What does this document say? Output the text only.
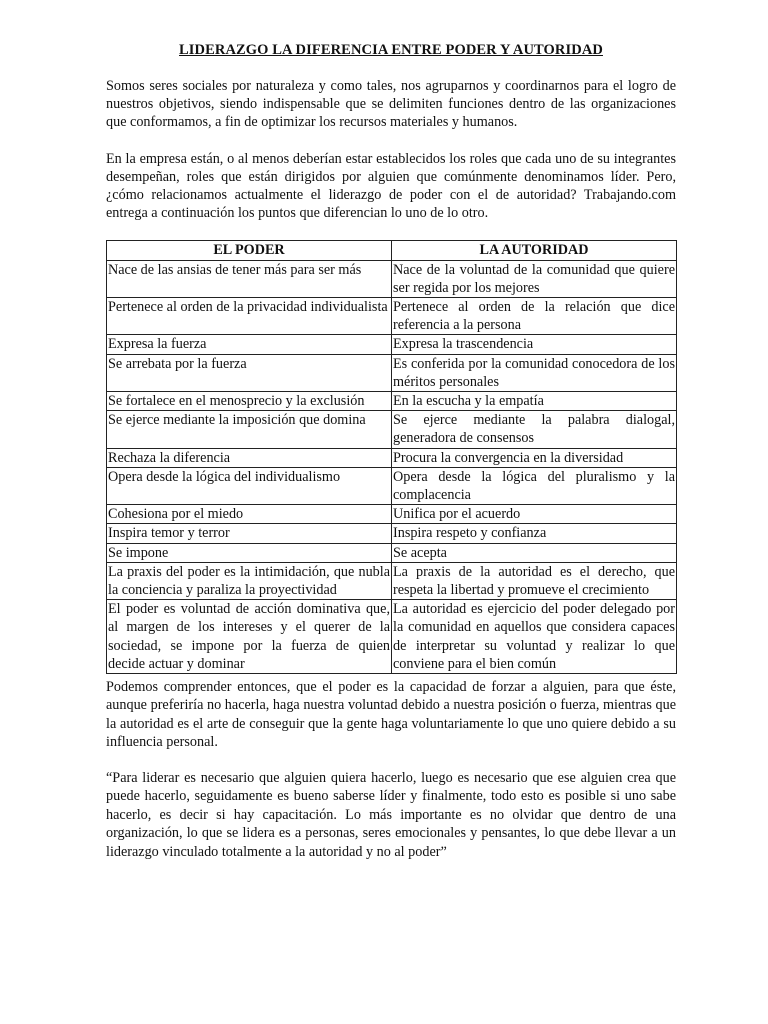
LIDERAZGO LA DIFERENCIA ENTRE PODER Y AUTORIDAD

Somos seres sociales por naturaleza y como tales, nos agruparnos y coordinarnos para el logro de nuestros objetivos, siendo indispensable que se delimiten funciones dentro de las organizaciones que conformamos, a fin de optimizar los recursos materiales y humanos.

En la empresa están, o al menos deberían estar establecidos los roles que cada uno de su integrantes desempeñan, roles que están dirigidos por alguien que comúnmente denominamos líder. Pero, ¿cómo relacionamos actualmente el liderazgo de poder con el de autoridad? Trabajando.com entrega a continuación los puntos que diferencian lo uno de lo otro.

EL PODER	LA AUTORIDAD
Nace de las ansias de tener más para ser más	Nace de la voluntad de la comunidad que quiere ser regida por los mejores
Pertenece al orden de la privacidad individualista	Pertenece al orden de la relación que dice referencia a la persona
Expresa la fuerza	Expresa la trascendencia
Se arrebata por la fuerza	Es conferida por la comunidad conocedora de los méritos personales
Se fortalece en el menosprecio y la exclusión	En la escucha y la empatía
Se ejerce mediante la imposición que domina	Se ejerce mediante la palabra dialogal, generadora de consensos
Rechaza la diferencia	Procura la convergencia en la diversidad
Opera desde la lógica del individualismo	Opera desde la lógica del pluralismo y la complacencia
Cohesiona por el miedo	Unifica por el acuerdo
Inspira temor y terror	Inspira respeto y confianza
Se impone	Se acepta
La praxis del poder es la intimidación, que nubla la conciencia y paraliza la proyectividad	La praxis de la autoridad es el derecho, que respeta la libertad y promueve el crecimiento
El poder es voluntad de acción dominativa que, al margen de los intereses y el querer de la sociedad, se impone por la fuerza de quien decide actuar y dominar	La autoridad es ejercicio del poder delegado por la comunidad en aquellos que considera capaces de interpretar su voluntad y realizar lo que conviene para el bien común

Podemos comprender entonces, que el poder es la capacidad de forzar a alguien, para que éste, aunque preferiría no hacerla, haga nuestra voluntad debido a nuestra posición o fuerza, mientras que la autoridad es el arte de conseguir que la gente haga voluntariamente lo que uno quiere debido a su influencia personal.

“Para liderar es necesario que alguien quiera hacerlo, luego es necesario que ese alguien crea que puede hacerlo, seguidamente es bueno saberse líder y finalmente, todo esto es posible si uno sabe hacerlo, es decir si hay capacitación. Lo más importante es no olvidar que dentro de una organización, lo que se lidera es a personas, seres emocionales y pensantes, lo que debe llevar a un liderazgo vinculado totalmente a la autoridad y no al poder”
